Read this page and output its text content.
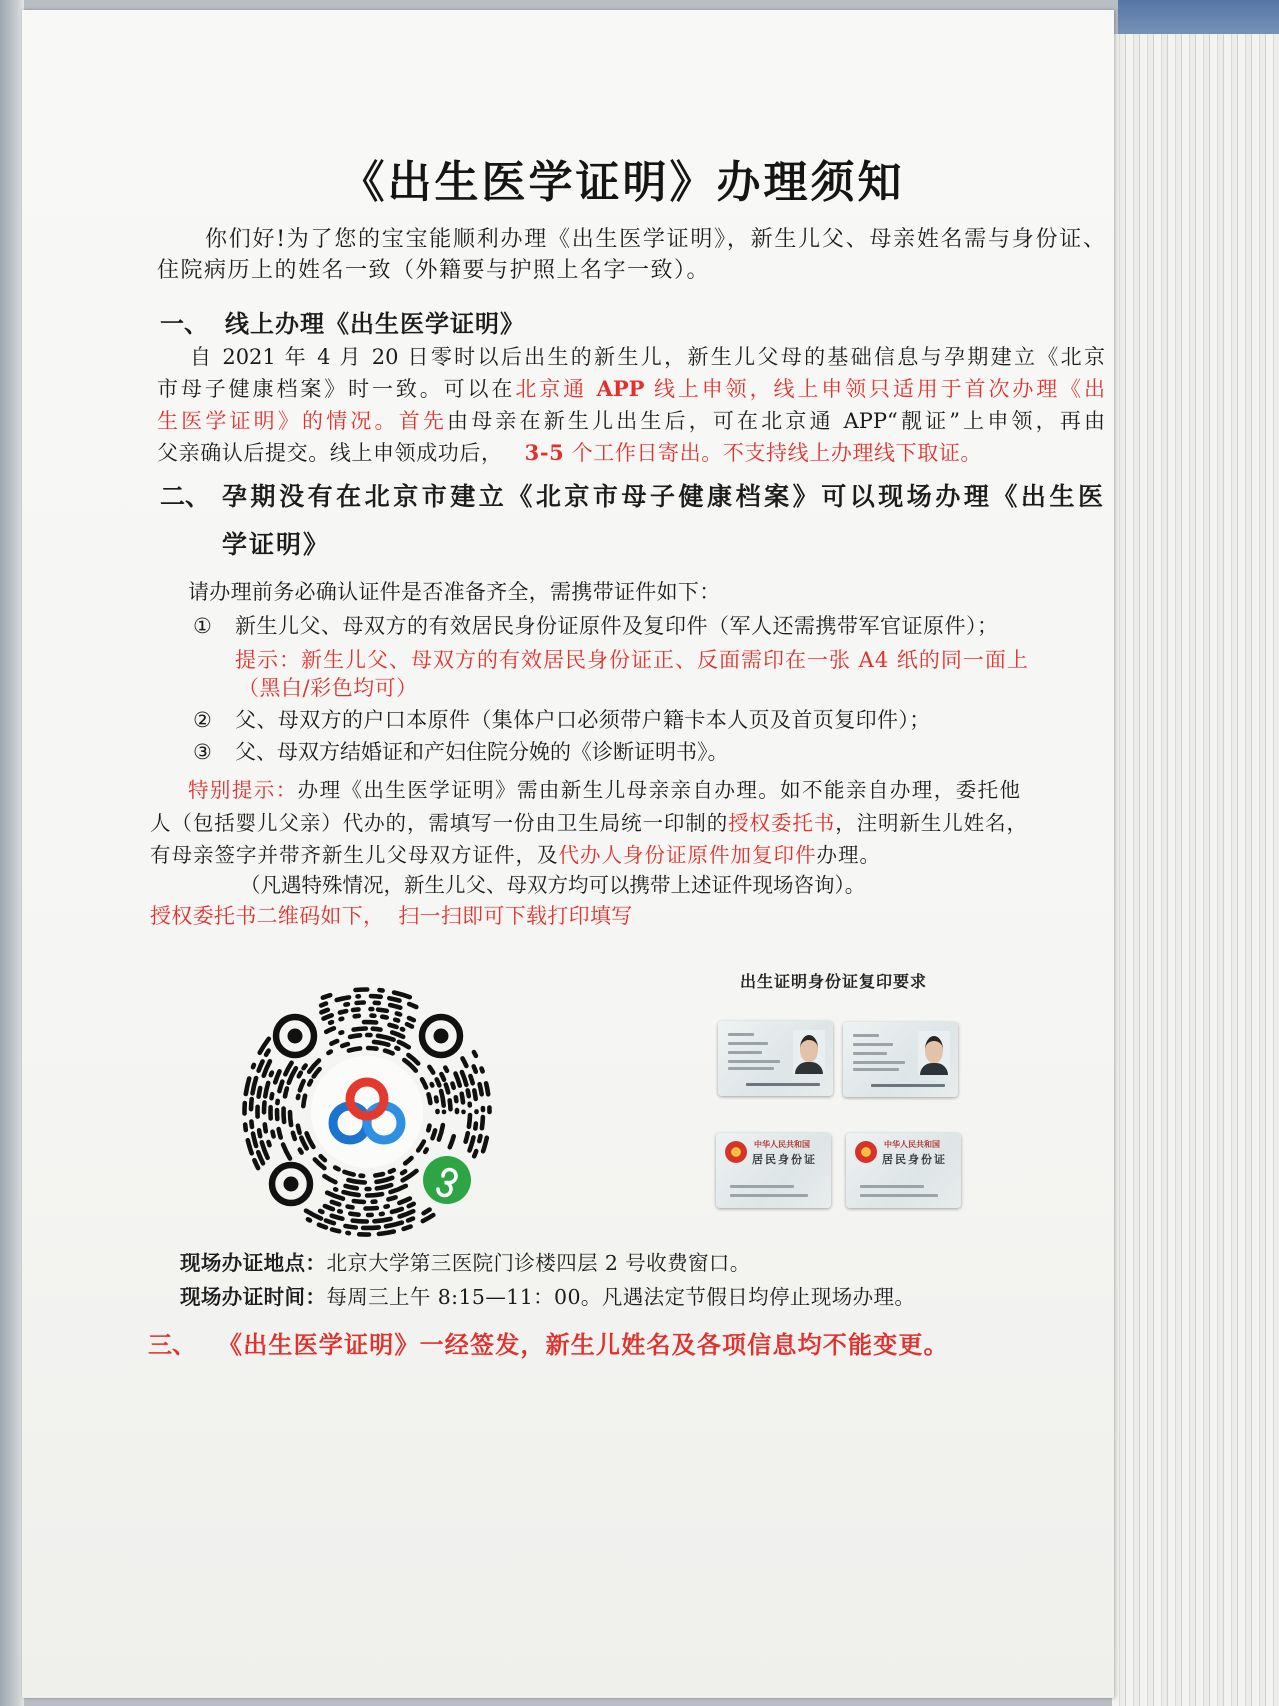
《出生医学证明》办理须知
你们好!为了您的宝宝能顺利办理《出生医学证明》，新生儿父、母亲姓名需与身份证、
住院病历上的姓名一致（外籍要与护照上名字一致）。
一、 线上办理《出生医学证明》
自 2021 年 4 月 20 日零时以后出生的新生儿，新生儿父母的基础信息与孕期建立《北京
市母子健康档案》时一致。可以在北京通 APP 线上申领，线上申领只适用于首次办理《出
生医学证明》的情况。首先由母亲在新生儿出生后，可在北京通 APP“靓证”上申领，再由
父亲确认后提交。线上申领成功后， 3-5 个工作日寄出。不支持线上办理线下取证。
二、 孕期没有在北京市建立《北京市母子健康档案》可以现场办理《出生医
学证明》
请办理前务必确认证件是否准备齐全，需携带证件如下：
① 新生儿父、母双方的有效居民身份证原件及复印件（军人还需携带军官证原件）；
提示：新生儿父、母双方的有效居民身份证正、反面需印在一张 A4 纸的同一面上
（黑白/彩色均可）
② 父、母双方的户口本原件（集体户口必须带户籍卡本人页及首页复印件）；
③ 父、母双方结婚证和产妇住院分娩的《诊断证明书》。
特别提示：办理《出生医学证明》需由新生儿母亲亲自办理。如不能亲自办理，委托他
人（包括婴儿父亲）代办的，需填写一份由卫生局统一印制的授权委托书，注明新生儿姓名，
有母亲签字并带齐新生儿父母双方证件，及代办人身份证原件加复印件办理。
（凡遇特殊情况，新生儿父、母双方均可以携带上述证件现场咨询）。
授权委托书二维码如下，  扫一扫即可下载打印填写
出生证明身份证复印要求
中华人民共和国
居民身份证
中华人民共和国
居民身份证
现场办证地点：北京大学第三医院门诊楼四层 2 号收费窗口。
现场办证时间：每周三上午 8:15—11：00。凡遇法定节假日均停止现场办理。
三、 《出生医学证明》一经签发，新生儿姓名及各项信息均不能变更。
